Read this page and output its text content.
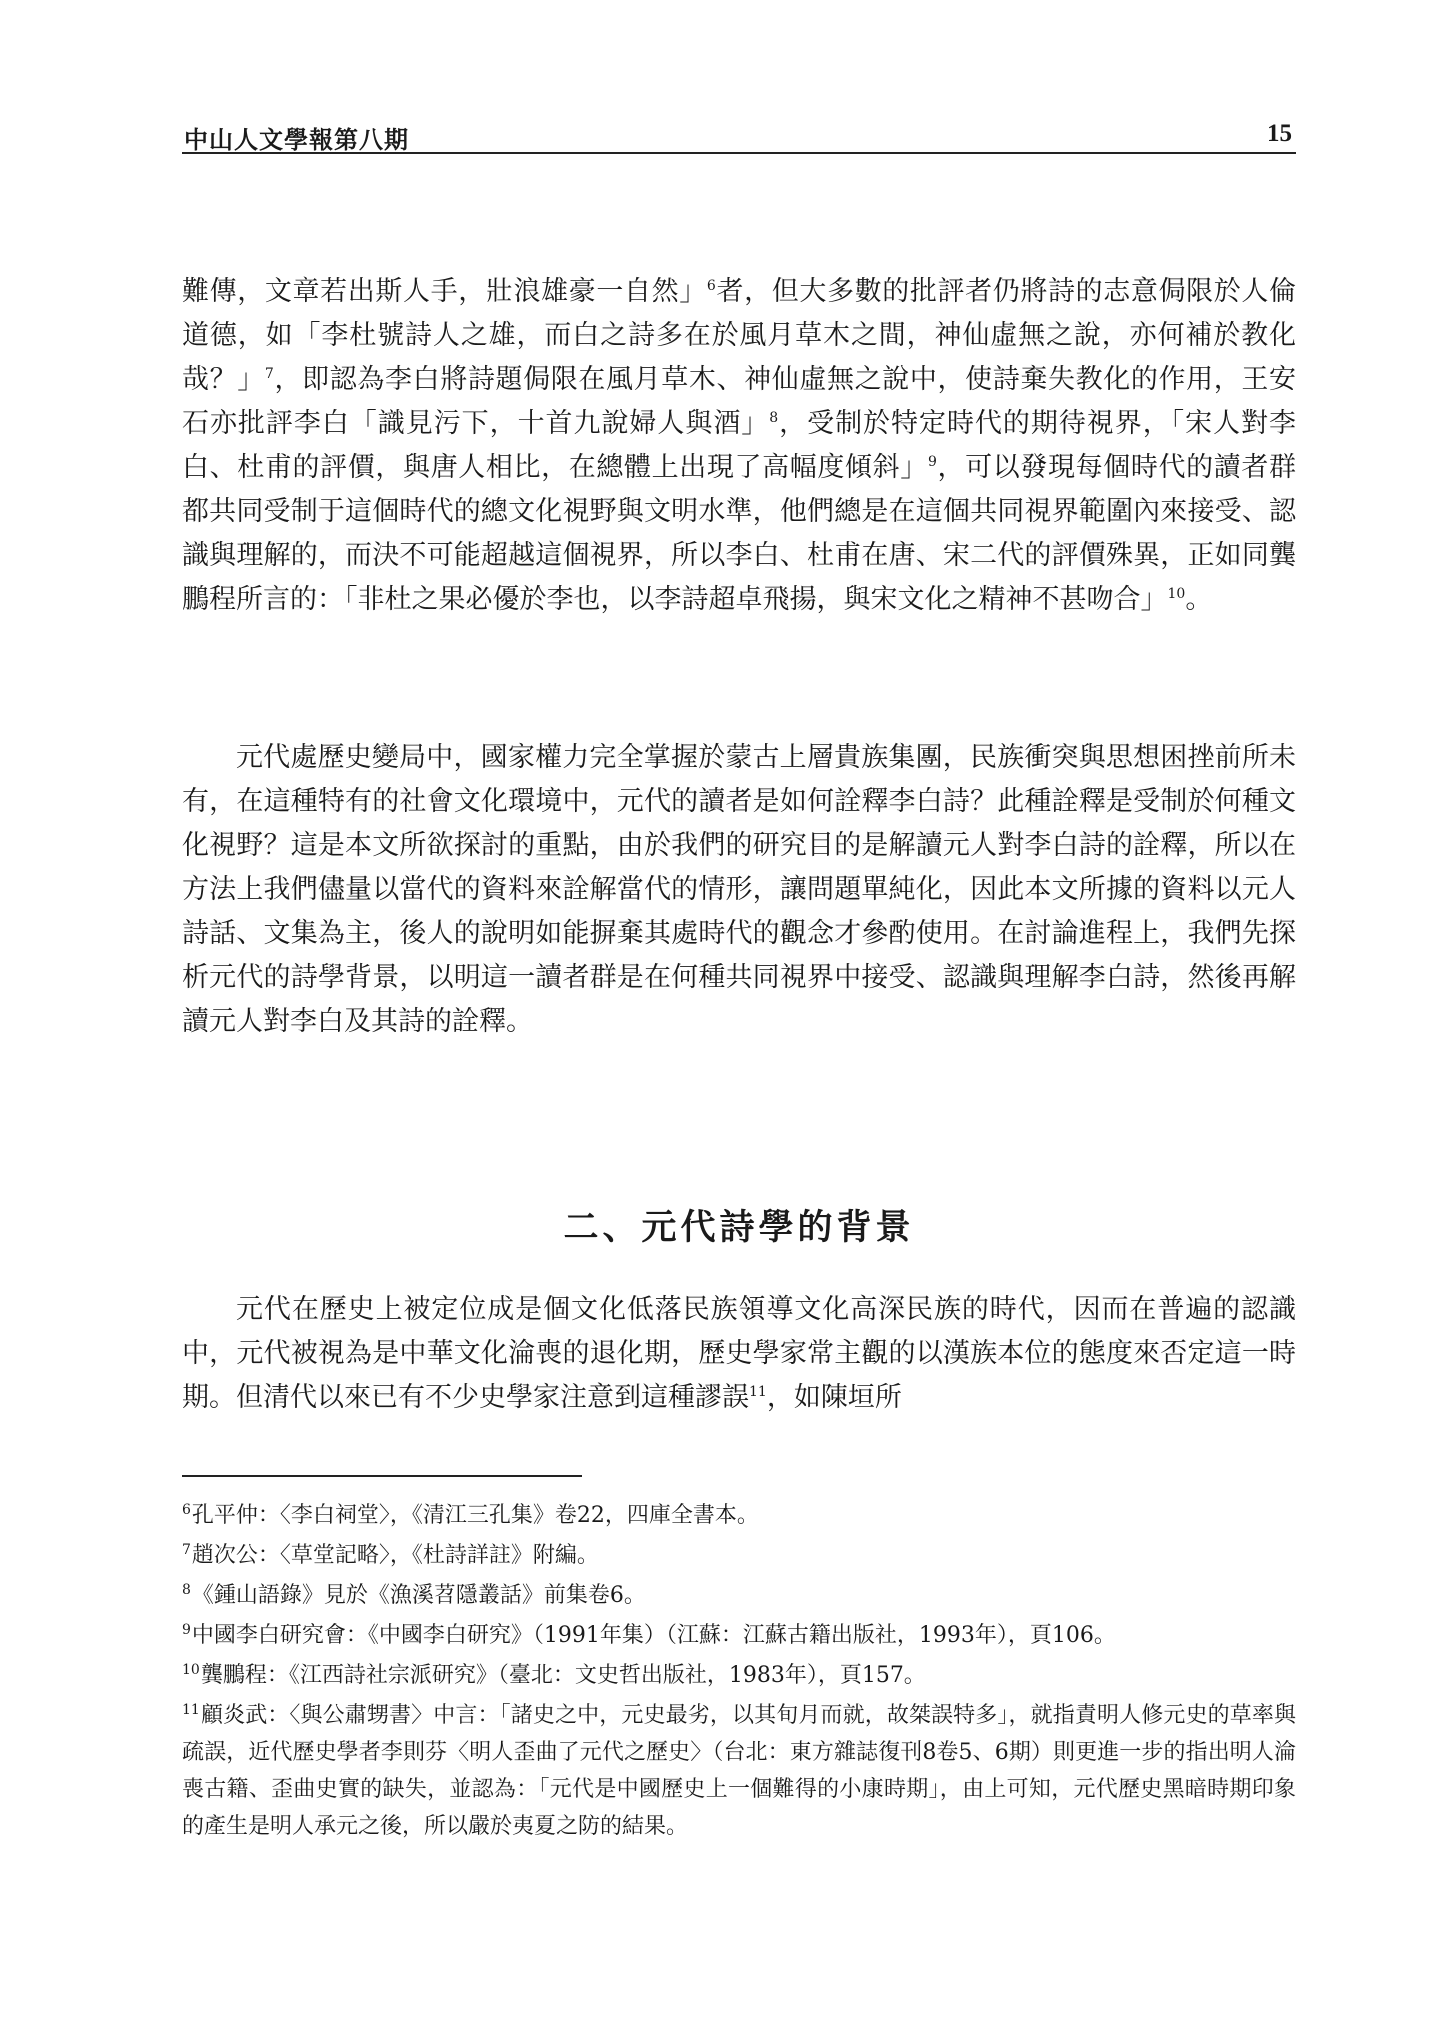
中山人文學報第八期	15

難傳，文章若出斯人手，壯浪雄豪一自然」$^6$者，但大多數的批評者仍將詩的志意侷限於人倫道德，如「李杜號詩人之雄，而白之詩多在於風月草木之間，神仙虛無之說，亦何補於教化哉？」$^7$，即認為李白將詩題侷限在風月草木、神仙虛無之說中，使詩棄失教化的作用，王安石亦批評李白「識見污下，十首九說婦人與酒」$^8$，受制於特定時代的期待視界，「宋人對李白、杜甫的評價，與唐人相比，在總體上出現了高幅度傾斜」$^9$，可以發現每個時代的讀者群都共同受制于這個時代的總文化視野與文明水準，他們總是在這個共同視界範圍內來接受、認識與理解的，而決不可能超越這個視界，所以李白、杜甫在唐、宋二代的評價殊異，正如同龔鵬程所言的：「非杜之果必優於李也，以李詩超卓飛揚，與宋文化之精神不甚吻合」$^{10}$。

元代處歷史變局中，國家權力完全掌握於蒙古上層貴族集團，民族衝突與思想困挫前所未有，在這種特有的社會文化環境中，元代的讀者是如何詮釋李白詩？此種詮釋是受制於何種文化視野？這是本文所欲探討的重點，由於我們的研究目的是解讀元人對李白詩的詮釋，所以在方法上我們儘量以當代的資料來詮解當代的情形，讓問題單純化，因此本文所據的資料以元人詩話、文集為主，後人的說明如能摒棄其處時代的觀念才參酌使用。在討論進程上，我們先探析元代的詩學背景，以明這一讀者群是在何種共同視界中接受、認識與理解李白詩，然後再解讀元人對李白及其詩的詮釋。

二、元代詩學的背景

元代在歷史上被定位成是個文化低落民族領導文化高深民族的時代，因而在普遍的認識中，元代被視為是中華文化淪喪的退化期，歷史學家常主觀的以漢族本位的態度來否定這一時期。但清代以來已有不少史學家注意到這種謬誤$^{11}$，如陳垣所

$^6$孔平仲：〈李白祠堂〉，《清江三孔集》卷22，四庫全書本。

$^7$趙次公：〈草堂記略〉，《杜詩詳註》附編。

$^8$《鍾山語錄》見於《漁溪苕隱叢話》前集卷6。

$^9$中國李白研究會：《中國李白研究》（1991年集）（江蘇：江蘇古籍出版社，1993年），頁106。

$^{10}$龔鵬程：《江西詩社宗派研究》（臺北：文史哲出版社，1983年），頁157。

$^{11}$顧炎武：〈與公肅甥書〉中言：「諸史之中，元史最劣，以其旬月而就，故桀誤特多」，就指責明人修元史的草率與疏誤，近代歷史學者李則芬〈明人歪曲了元代之歷史〉（台北：東方雜誌復刊8卷5、6期）則更進一步的指出明人淪喪古籍、歪曲史實的缺失，並認為：「元代是中國歷史上一個難得的小康時期」，由上可知，元代歷史黑暗時期印象的產生是明人承元之後，所以嚴於夷夏之防的結果。
